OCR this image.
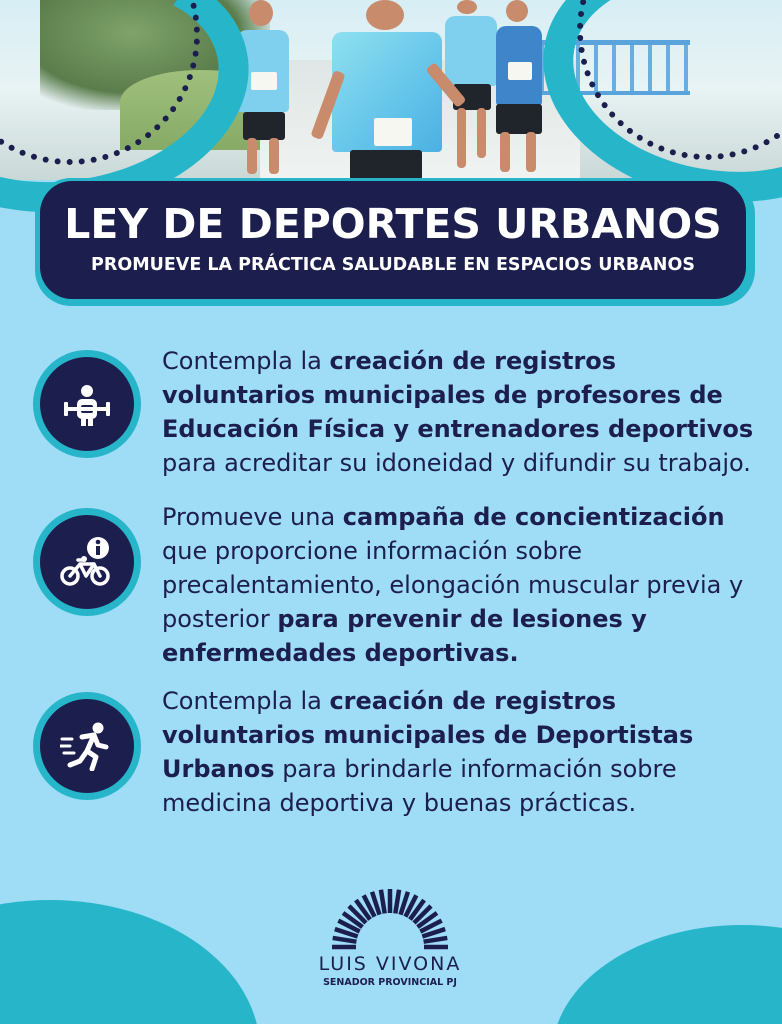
LEY DE DEPORTES URBANOS
PROMUEVE LA PRÁCTICA SALUDABLE EN ESPACIOS URBANOS
Contempla la creación de registros voluntarios municipales de profesores de Educación Física y entrenadores deportivos para acreditar su idoneidad y difundir su trabajo.
Promueve una campaña de concientización que proporcione información sobre precalentamiento, elongación muscular previa y posterior para prevenir de lesiones y enfermedades deportivas.
Contempla la creación de registros voluntarios municipales de Deportistas Urbanos para brindarle información sobre medicina deportiva y buenas prácticas.
LUIS VIVONA
SENADOR PROVINCIAL PJ
